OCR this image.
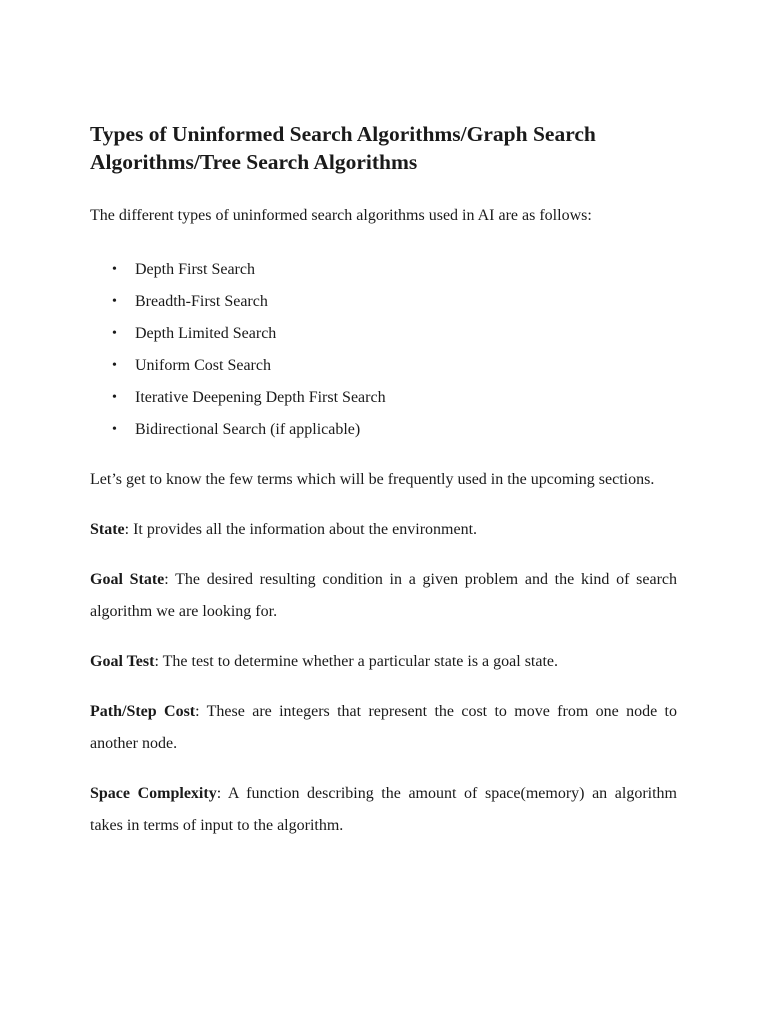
Types of Uninformed Search Algorithms/Graph Search Algorithms/Tree Search Algorithms

The different types of uninformed search algorithms used in AI are as follows:

• Depth First Search
• Breadth-First Search
• Depth Limited Search
• Uniform Cost Search
• Iterative Deepening Depth First Search
• Bidirectional Search (if applicable)

Let’s get to know the few terms which will be frequently used in the upcoming sections.

State: It provides all the information about the environment.

Goal State: The desired resulting condition in a given problem and the kind of search algorithm we are looking for.

Goal Test: The test to determine whether a particular state is a goal state.

Path/Step Cost: These are integers that represent the cost to move from one node to another node.

Space Complexity: A function describing the amount of space(memory) an algorithm takes in terms of input to the algorithm.
